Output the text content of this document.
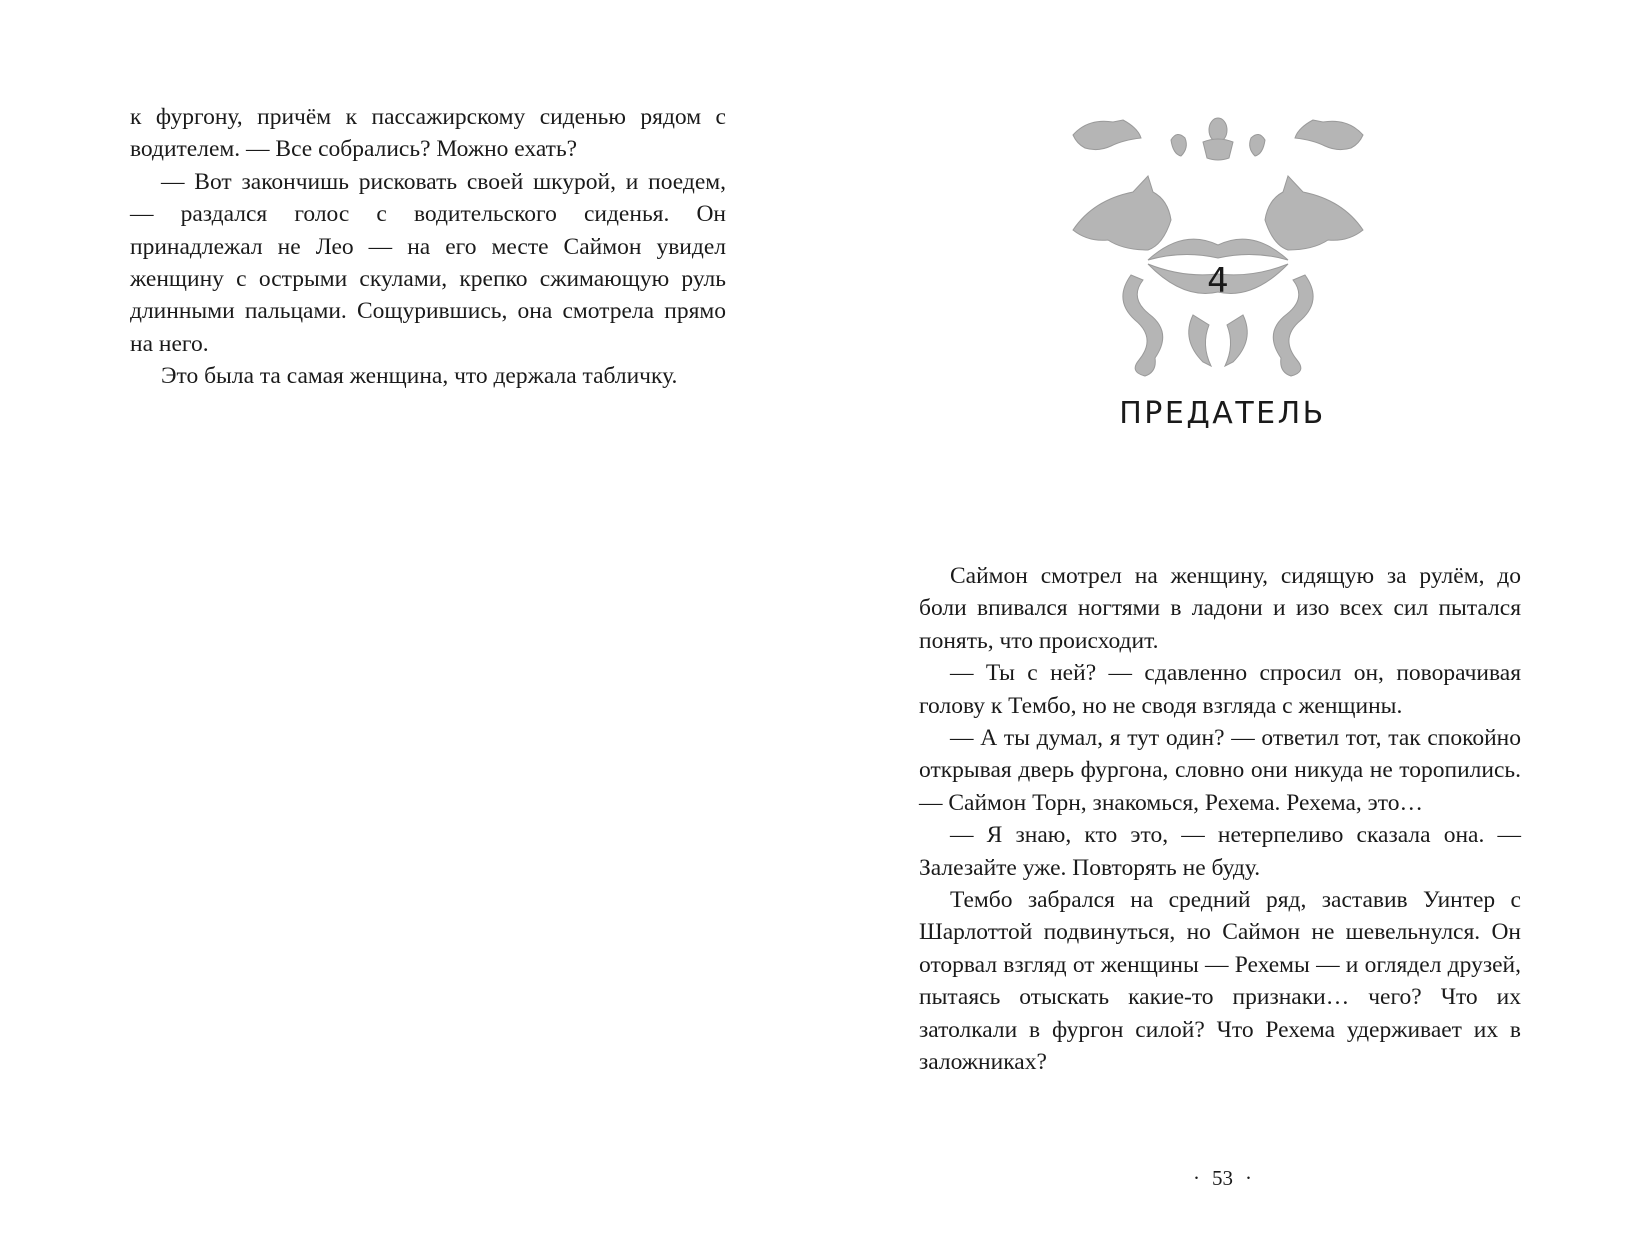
к фургону, причём к пассажирскому сиденью рядом с водителем. — Все собрались? Можно ехать?

— Вот закончишь рисковать своей шкурой, и поедем, — раздался голос с водительского сиденья. Он принадлежал не Лео — на его месте Саймон увидел женщину с острыми скулами, крепко сжимающую руль длинными пальцами. Сощурившись, она смотрела прямо на него.

Это была та самая женщина, что держала табличку.

4
ПРЕДАТЕЛЬ

Саймон смотрел на женщину, сидящую за рулём, до боли впивался ногтями в ладони и изо всех сил пытался понять, что происходит.

— Ты с ней? — сдавленно спросил он, поворачивая голову к Тембо, но не сводя взгляда с женщины.

— А ты думал, я тут один? — ответил тот, так спокойно открывая дверь фургона, словно они никуда не торопились. — Саймон Торн, знакомься, Рехема. Рехема, это…

— Я знаю, кто это, — нетерпеливо сказала она. — Залезайте уже. Повторять не буду.

Тембо забрался на средний ряд, заставив Уинтер с Шарлоттой подвинуться, но Саймон не шевельнулся. Он оторвал взгляд от женщины — Рехемы — и оглядел друзей, пытаясь отыскать какие-то признаки… чего? Что их затолкали в фургон силой? Что Рехема удерживает их в заложниках?

· 53 ·
